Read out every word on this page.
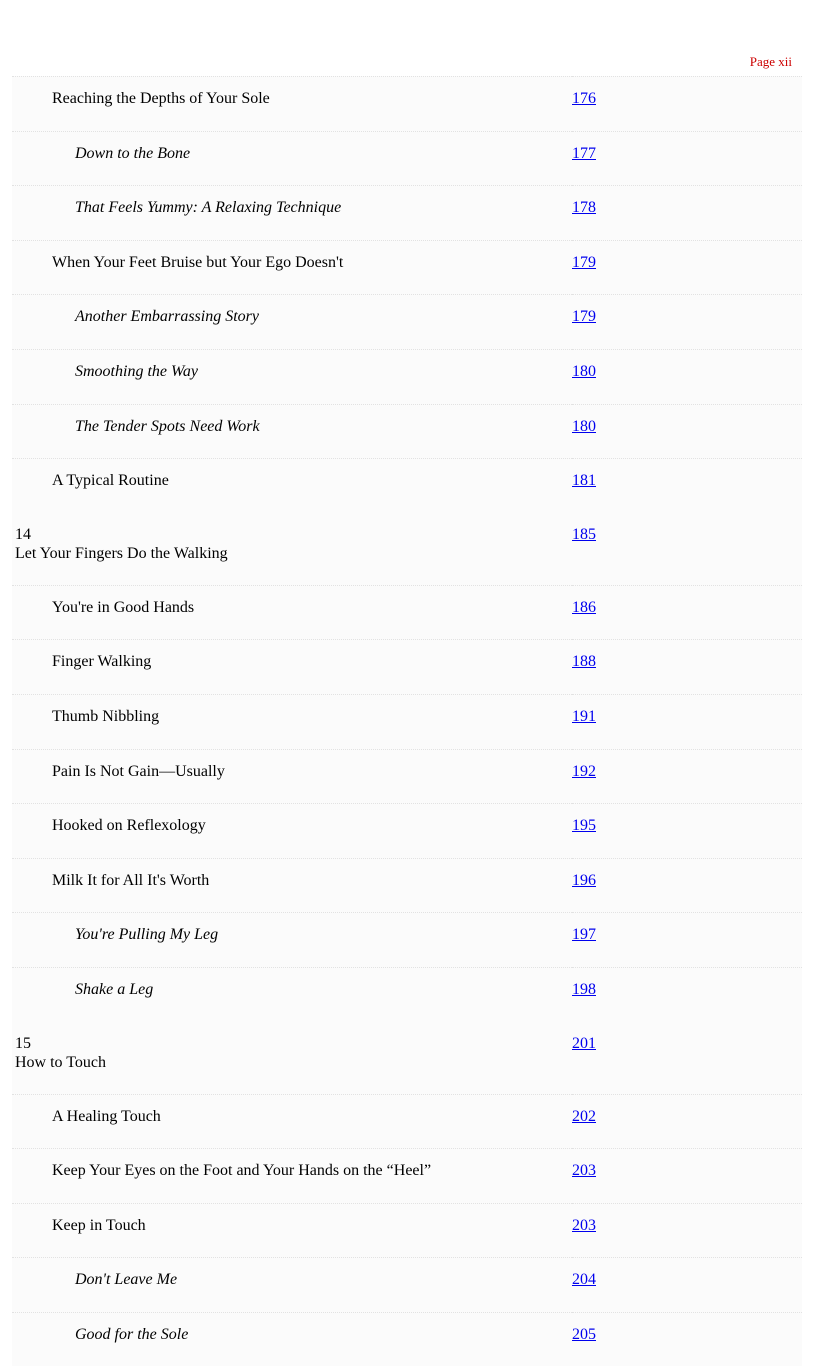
Page xii
Reaching the Depths of Your Sole	176

Down to the Bone	177

That Feels Yummy: A Relaxing Technique	178

When Your Feet Bruise but Your Ego Doesn't	179

Another Embarrassing Story	179

Smoothing the Way	180

The Tender Spots Need Work	180

A Typical Routine	181

14
Let Your Fingers Do the Walking	185

You're in Good Hands	186

Finger Walking	188

Thumb Nibbling	191

Pain Is Not Gain—Usually	192

Hooked on Reflexology	195

Milk It for All It's Worth	196

You're Pulling My Leg	197

Shake a Leg	198

15
How to Touch	201

A Healing Touch	202

Keep Your Eyes on the Foot and Your Hands on the “Heel”	203

Keep in Touch	203

Don't Leave Me	204

Good for the Sole	205
